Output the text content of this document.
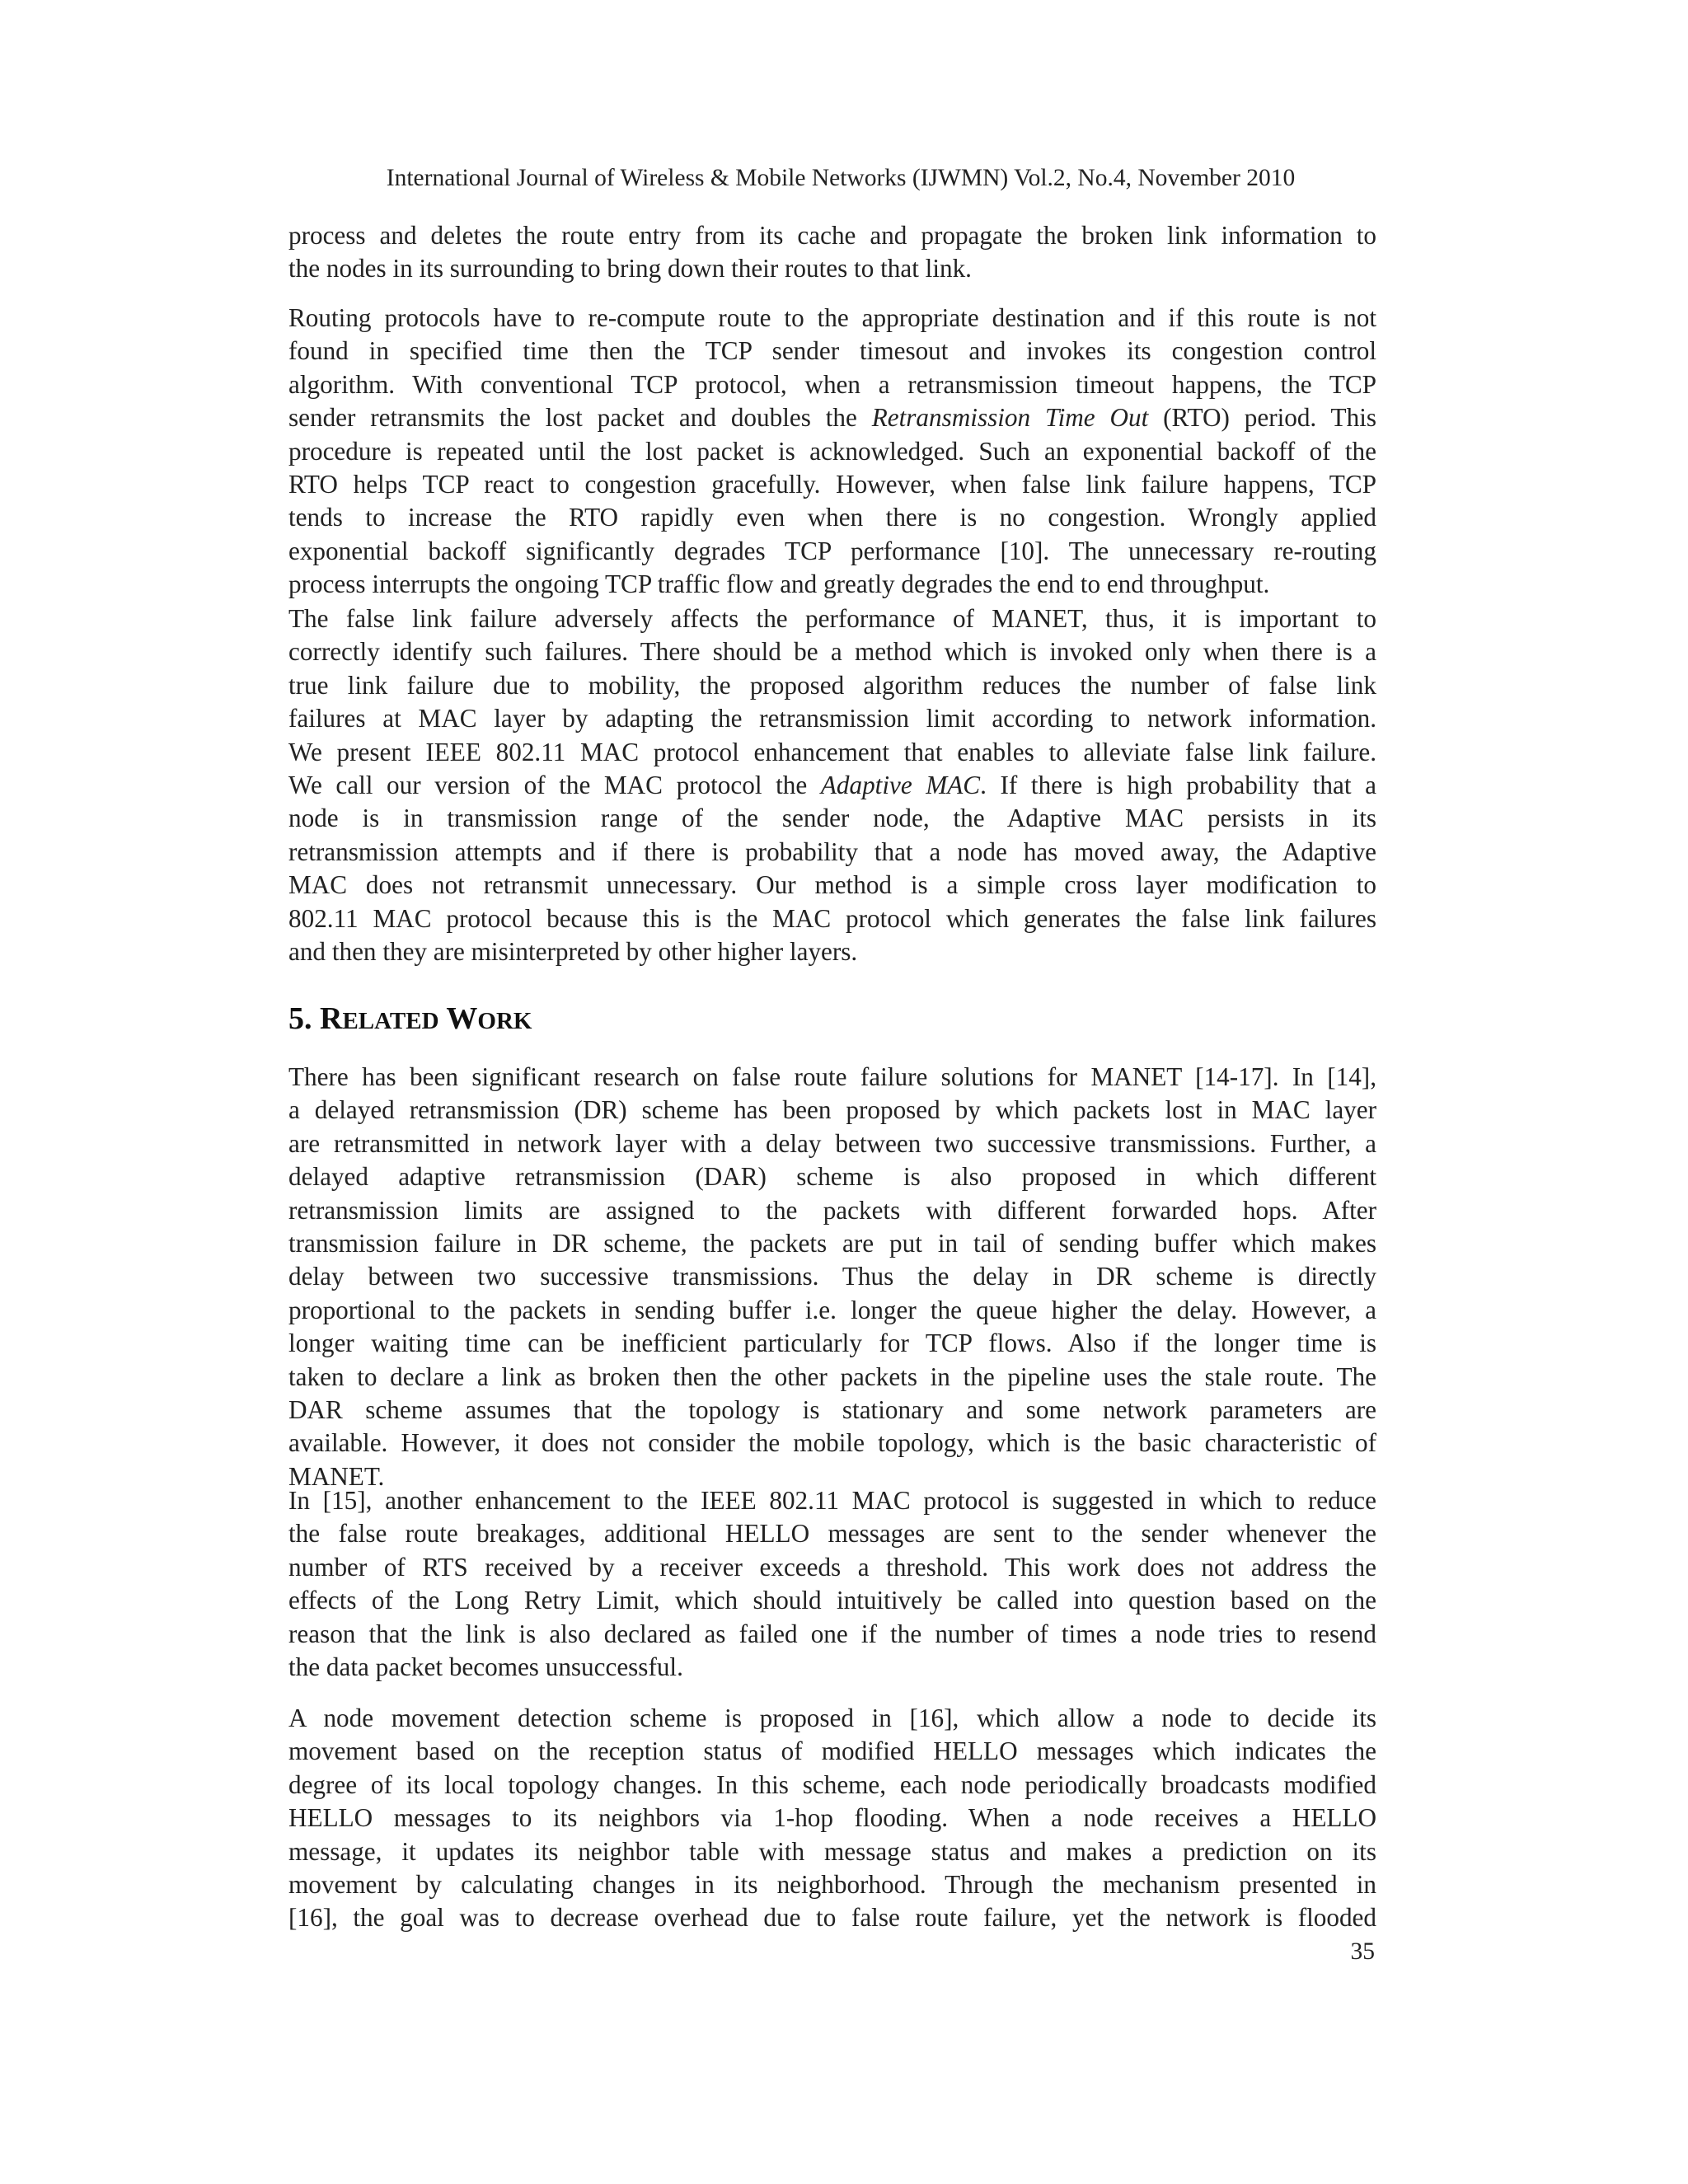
International Journal of Wireless & Mobile Networks (IJWMN) Vol.2, No.4, November 2010
process and deletes the route entry from its cache and propagate the broken link information to
the nodes in its surrounding to bring down their routes to that link.
Routing protocols have to re-compute route to the appropriate destination and if this route is not
found in specified time then the TCP sender timesout and invokes its congestion control
algorithm. With conventional TCP protocol, when a retransmission timeout happens, the TCP
sender retransmits the lost packet and doubles the Retransmission Time Out (RTO) period. This
procedure is repeated until the lost packet is acknowledged. Such an exponential backoff of the
RTO helps TCP react to congestion gracefully. However, when false link failure happens, TCP
tends to increase the RTO rapidly even when there is no congestion. Wrongly applied
exponential backoff significantly degrades TCP performance [10]. The unnecessary re-routing
process interrupts the ongoing TCP traffic flow and greatly degrades the end to end throughput.
The false link failure adversely affects the performance of MANET, thus, it is important to
correctly identify such failures. There should be a method which is invoked only when there is a
true link failure due to mobility, the proposed algorithm reduces the number of false link
failures at MAC layer by adapting the retransmission limit according to network information.
We present IEEE 802.11 MAC protocol enhancement that enables to alleviate false link failure.
We call our version of the MAC protocol the Adaptive MAC. If there is high probability that a
node is in transmission range of the sender node, the Adaptive MAC persists in its
retransmission attempts and if there is probability that a node has moved away, the Adaptive
MAC does not retransmit unnecessary. Our method is a simple cross layer modification to
802.11 MAC protocol because this is the MAC protocol which generates the false link failures
and then they are misinterpreted by other higher layers.
5. RELATED WORK
There has been significant research on false route failure solutions for MANET [14-17]. In [14],
a delayed retransmission (DR) scheme has been proposed by which packets lost in MAC layer
are retransmitted in network layer with a delay between two successive transmissions. Further, a
delayed adaptive retransmission (DAR) scheme is also proposed in which different
retransmission limits are assigned to the packets with different forwarded hops. After
transmission failure in DR scheme, the packets are put in tail of sending buffer which makes
delay between two successive transmissions. Thus the delay in DR scheme is directly
proportional to the packets in sending buffer i.e. longer the queue higher the delay. However, a
longer waiting time can be inefficient particularly for TCP flows. Also if the longer time is
taken to declare a link as broken then the other packets in the pipeline uses the stale route. The
DAR scheme assumes that the topology is stationary and some network parameters are
available. However, it does not consider the mobile topology, which is the basic characteristic of
MANET.
In [15], another enhancement to the IEEE 802.11 MAC protocol is suggested in which to reduce
the false route breakages, additional HELLO messages are sent to the sender whenever the
number of RTS received by a receiver exceeds a threshold. This work does not address the
effects of the Long Retry Limit, which should intuitively be called into question based on the
reason that the link is also declared as failed one if the number of times a node tries to resend
the data packet becomes unsuccessful.
A node movement detection scheme is proposed in [16], which allow a node to decide its
movement based on the reception status of modified HELLO messages which indicates the
degree of its local topology changes. In this scheme, each node periodically broadcasts modified
HELLO messages to its neighbors via 1-hop flooding. When a node receives a HELLO
message, it updates its neighbor table with message status and makes a prediction on its
movement by calculating changes in its neighborhood. Through the mechanism presented in
[16], the goal was to decrease overhead due to false route failure, yet the network is flooded
35
